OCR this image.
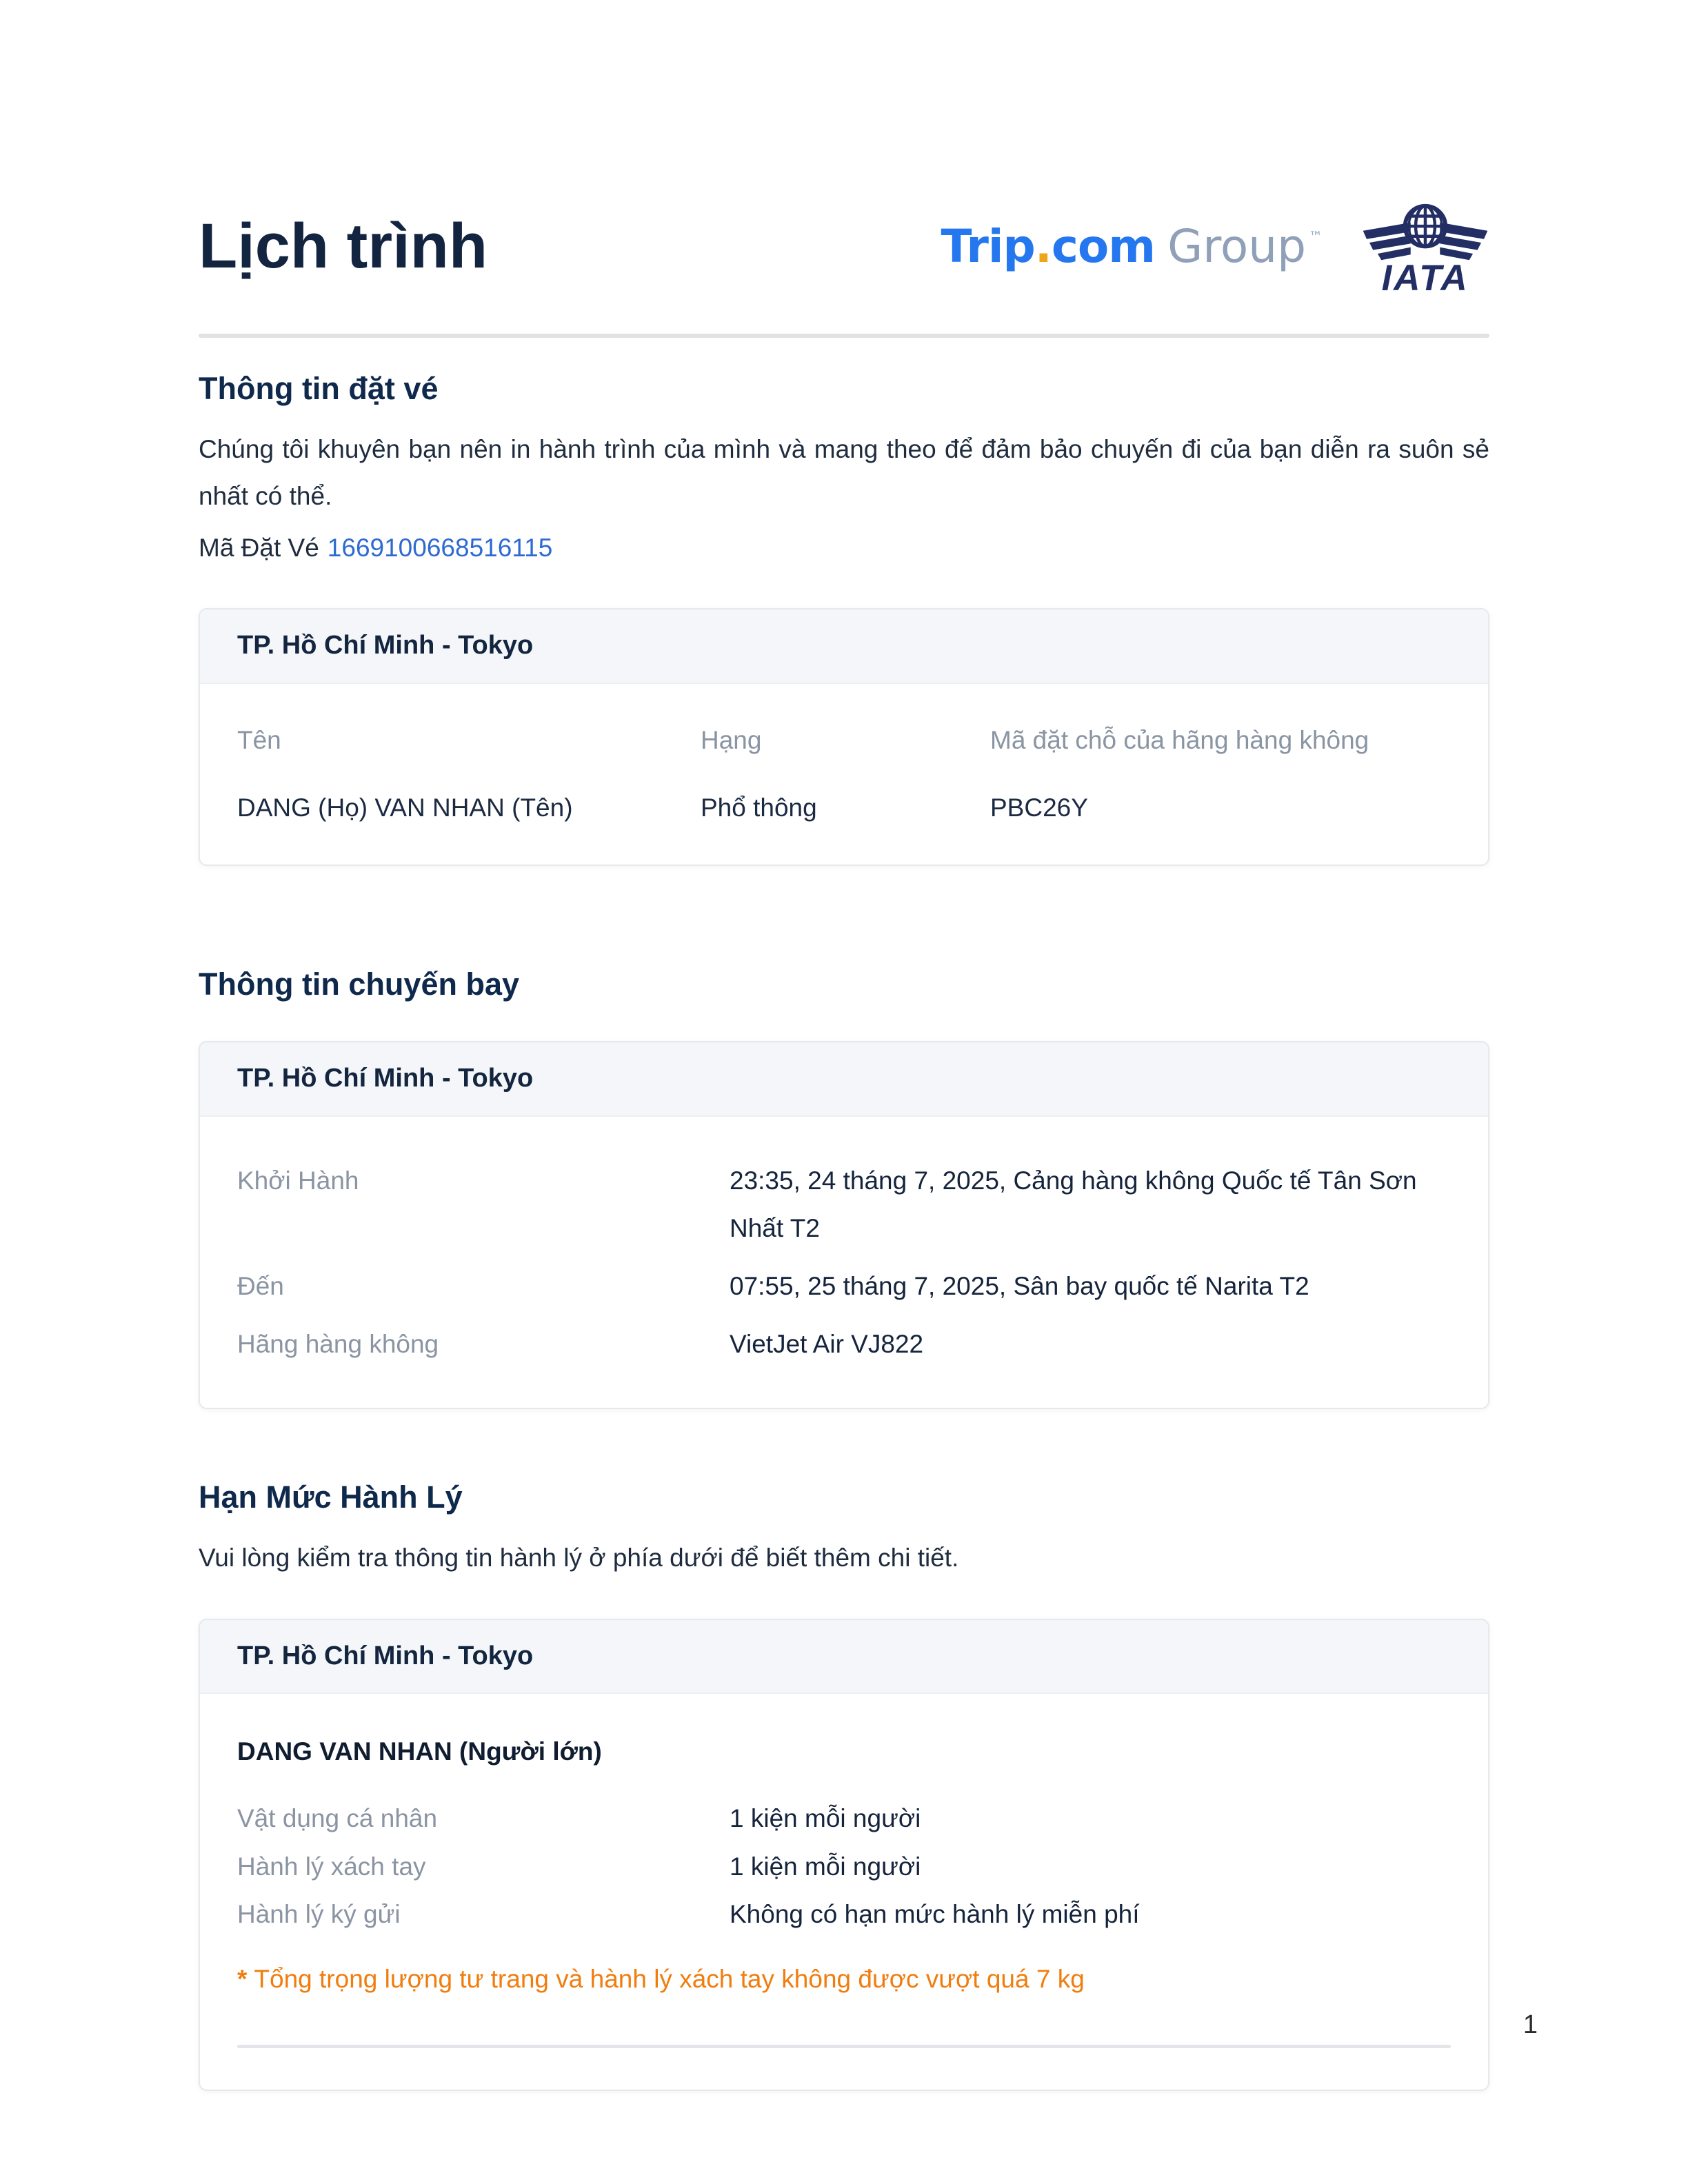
Lịch trình	Trip . com Group ™
IATA
Thông tin đặt vé

Chúng tôi khuyên bạn nên in hành trình của mình và mang theo để đảm bảo chuyến đi của bạn diễn ra suôn sẻ nhất có thể.

Mã Đặt Vé 1669100668516115
TP. Hồ Chí Minh - Tokyo
Tên	Hạng	Mã đặt chỗ của hãng hàng không
DANG (Họ) VAN NHAN (Tên)	Phổ thông	PBC26Y
Thông tin chuyến bay
TP. Hồ Chí Minh - Tokyo
Khởi Hành	23:35, 24 tháng 7, 2025, Cảng hàng không Quốc tế Tân Sơn Nhất T2
Đến	07:55, 25 tháng 7, 2025, Sân bay quốc tế Narita T2
Hãng hàng không	VietJet Air VJ822
Hạn Mức Hành Lý

Vui lòng kiểm tra thông tin hành lý ở phía dưới để biết thêm chi tiết.

TP. Hồ Chí Minh - Tokyo

DANG VAN NHAN (Người lớn)

Vật dụng cá nhân	1 kiện mỗi người
Hành lý xách tay	1 kiện mỗi người
Hành lý ký gửi	Không có hạn mức hành lý miễn phí
* Tổng trọng lượng tư trang và hành lý xách tay không được vượt quá 7 kg
1
